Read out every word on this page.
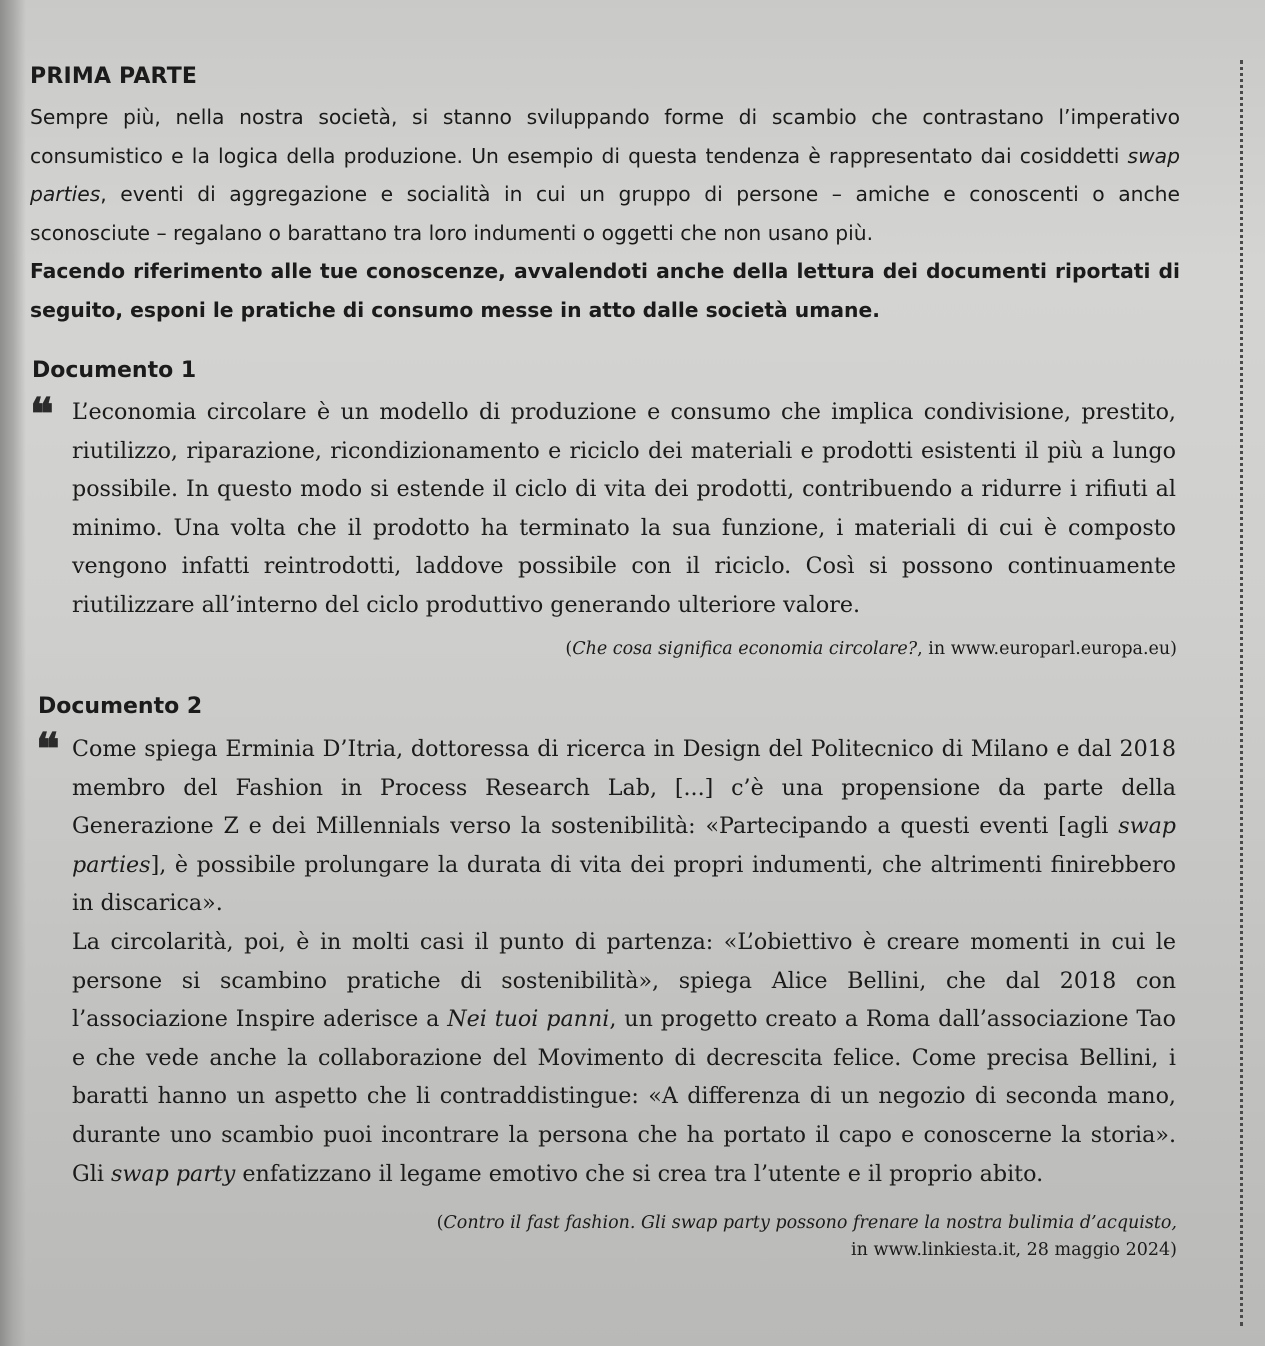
PRIMA PARTE
Sempre più, nella nostra società, si stanno sviluppando forme di scambio che contrastano l’imperativo consumistico e la logica della produzione. Un esempio di questa tendenza è rappresentato dai cosiddetti swap parties, eventi di aggregazione e socialità in cui un gruppo di persone – amiche e conoscenti o anche sconosciute – regalano o barattano tra loro indumenti o oggetti che non usano più.
Facendo riferimento alle tue conoscenze, avvalendoti anche della lettura dei documenti riportati di seguito, esponi le pratiche di consumo messe in atto dalle società umane.
Documento 1
❝ L’economia circolare è un modello di produzione e consumo che implica condivisione, prestito, riutilizzo, riparazione, ricondizionamento e riciclo dei materiali e prodotti esistenti il più a lungo possibile. In questo modo si estende il ciclo di vita dei prodotti, contribuendo a ridurre i rifiuti al minimo. Una volta che il prodotto ha terminato la sua funzione, i materiali di cui è composto vengono infatti reintrodotti, laddove possibile con il riciclo. Così si possono continuamente riutilizzare all’interno del ciclo produttivo generando ulteriore valore.

(Che cosa significa economia circolare?, in www.europarl.europa.eu)
Documento 2
❝ Come spiega Erminia D’Itria, dottoressa di ricerca in Design del Politecnico di Milano e dal 2018 membro del Fashion in Process Research Lab, [...] c’è una propensione da parte della Generazione Z e dei Millennials verso la sostenibilità: «Partecipando a questi eventi [agli swap parties], è possibile prolungare la durata di vita dei propri indumenti, che altrimenti finirebbero in discarica».

La circolarità, poi, è in molti casi il punto di partenza: «L’obiettivo è creare momenti in cui le persone si scambino pratiche di sostenibilità», spiega Alice Bellini, che dal 2018 con l’associazione Inspire aderisce a Nei tuoi panni, un progetto creato a Roma dall’associazione Tao e che vede anche la collaborazione del Movimento di decrescita felice. Come precisa Bellini, i baratti hanno un aspetto che li contraddistingue: «A differenza di un negozio di seconda mano, durante uno scambio puoi incontrare la persona che ha portato il capo e conoscerne la storia». Gli swap party enfatizzano il legame emotivo che si crea tra l’utente e il proprio abito.

(Contro il fast fashion. Gli swap party possono frenare la nostra bulimia d’acquisto,
in www.linkiesta.it, 28 maggio 2024)
